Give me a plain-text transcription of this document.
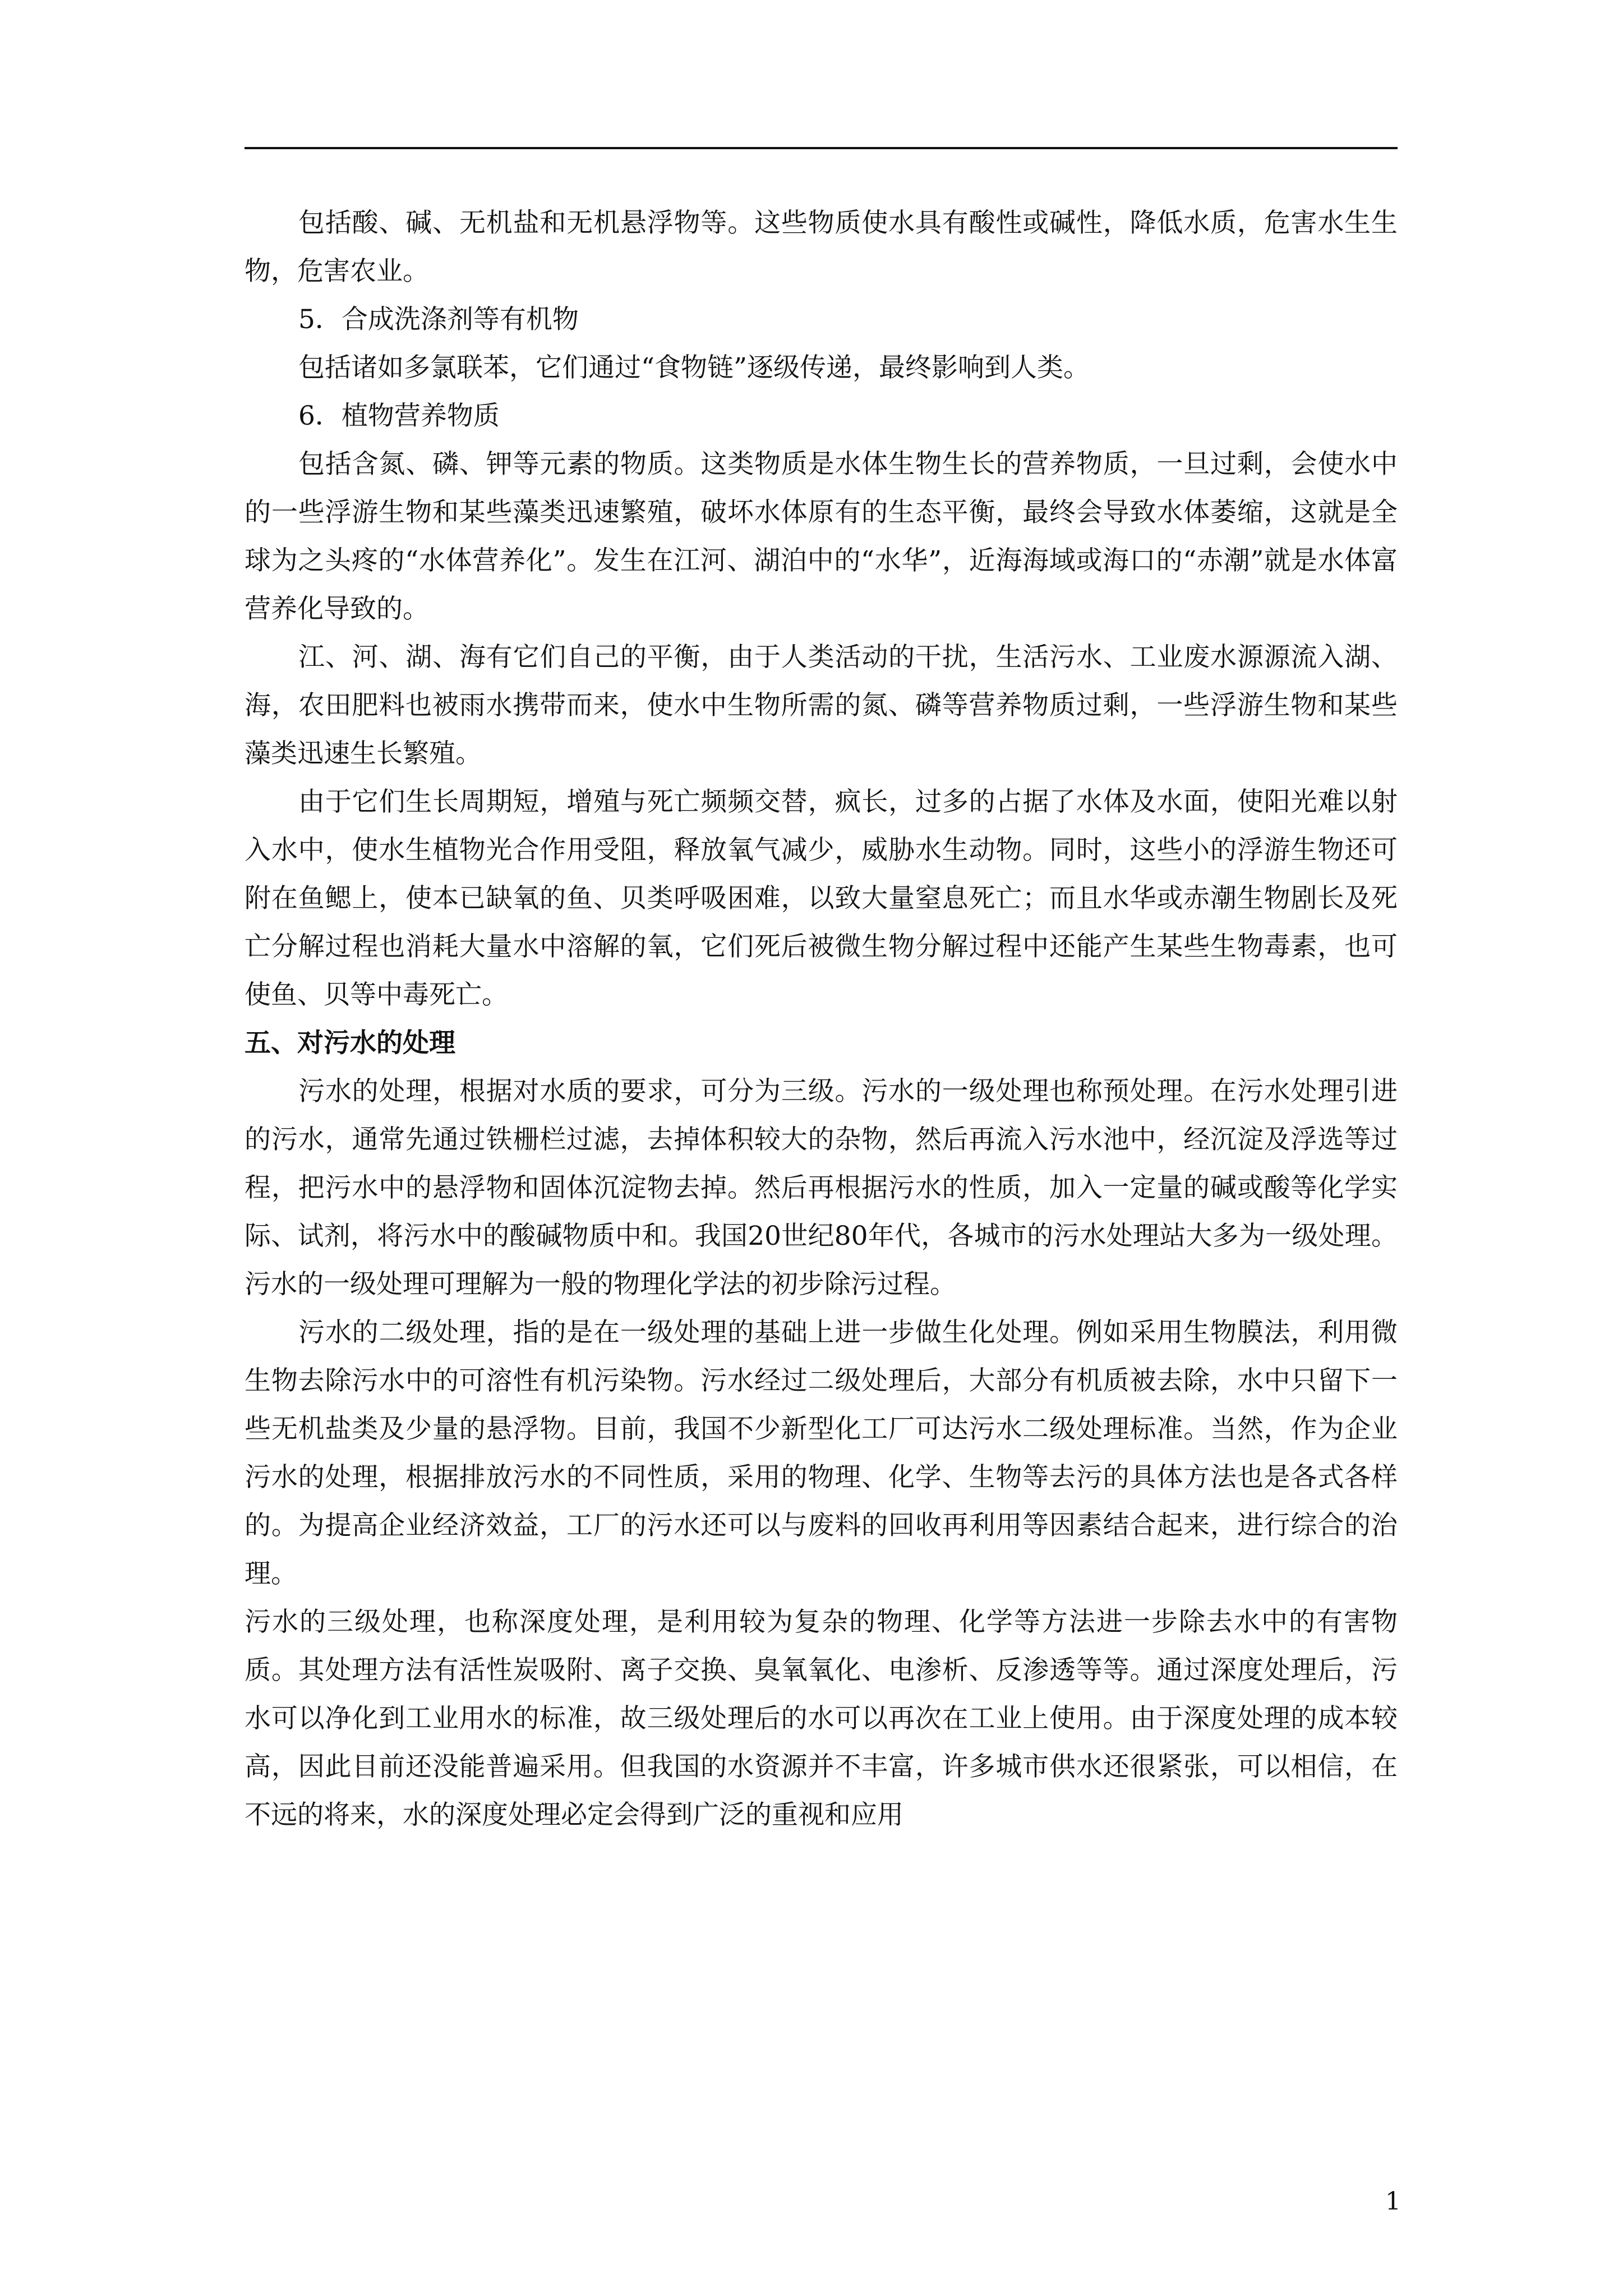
包括酸、碱、无机盐和无机悬浮物等。这些物质使水具有酸性或碱性，降低水质，危害水生生物，危害农业。

5．合成洗涤剂等有机物

包括诸如多氯联苯，它们通过“食物链”逐级传递，最终影响到人类。

6．植物营养物质

包括含氮、磷、钾等元素的物质。这类物质是水体生物生长的营养物质，一旦过剩，会使水中的一些浮游生物和某些藻类迅速繁殖，破坏水体原有的生态平衡，最终会导致水体萎缩，这就是全球为之头疼的“水体营养化”。发生在江河、湖泊中的“水华”，近海海域或海口的“赤潮”就是水体富营养化导致的。

江、河、湖、海有它们自己的平衡，由于人类活动的干扰，生活污水、工业废水源源流入湖、海，农田肥料也被雨水携带而来，使水中生物所需的氮、磷等营养物质过剩，一些浮游生物和某些藻类迅速生长繁殖。

由于它们生长周期短，增殖与死亡频频交替，疯长，过多的占据了水体及水面，使阳光难以射入水中，使水生植物光合作用受阻，释放氧气减少，威胁水生动物。同时，这些小的浮游生物还可附在鱼鳃上，使本已缺氧的鱼、贝类呼吸困难，以致大量窒息死亡；而且水华或赤潮生物剧长及死亡分解过程也消耗大量水中溶解的氧，它们死后被微生物分解过程中还能产生某些生物毒素，也可使鱼、贝等中毒死亡。

五、对污水的处理

污水的处理，根据对水质的要求，可分为三级。污水的一级处理也称预处理。在污水处理引进的污水，通常先通过铁栅栏过滤，去掉体积较大的杂物，然后再流入污水池中，经沉淀及浮选等过程，把污水中的悬浮物和固体沉淀物去掉。然后再根据污水的性质，加入一定量的碱或酸等化学实际、试剂，将污水中的酸碱物质中和。我国20世纪80年代，各城市的污水处理站大多为一级处理。污水的一级处理可理解为一般的物理化学法的初步除污过程。

污水的二级处理，指的是在一级处理的基础上进一步做生化处理。例如采用生物膜法，利用微生物去除污水中的可溶性有机污染物。污水经过二级处理后，大部分有机质被去除，水中只留下一些无机盐类及少量的悬浮物。目前，我国不少新型化工厂可达污水二级处理标准。当然，作为企业污水的处理，根据排放污水的不同性质，采用的物理、化学、生物等去污的具体方法也是各式各样的。为提高企业经济效益，工厂的污水还可以与废料的回收再利用等因素结合起来，进行综合的治理。

污水的三级处理，也称深度处理，是利用较为复杂的物理、化学等方法进一步除去水中的有害物质。其处理方法有活性炭吸附、离子交换、臭氧氧化、电渗析、反渗透等等。通过深度处理后，污水可以净化到工业用水的标准，故三级处理后的水可以再次在工业上使用。由于深度处理的成本较高，因此目前还没能普遍采用。但我国的水资源并不丰富，许多城市供水还很紧张，可以相信，在不远的将来，水的深度处理必定会得到广泛的重视和应用

1
